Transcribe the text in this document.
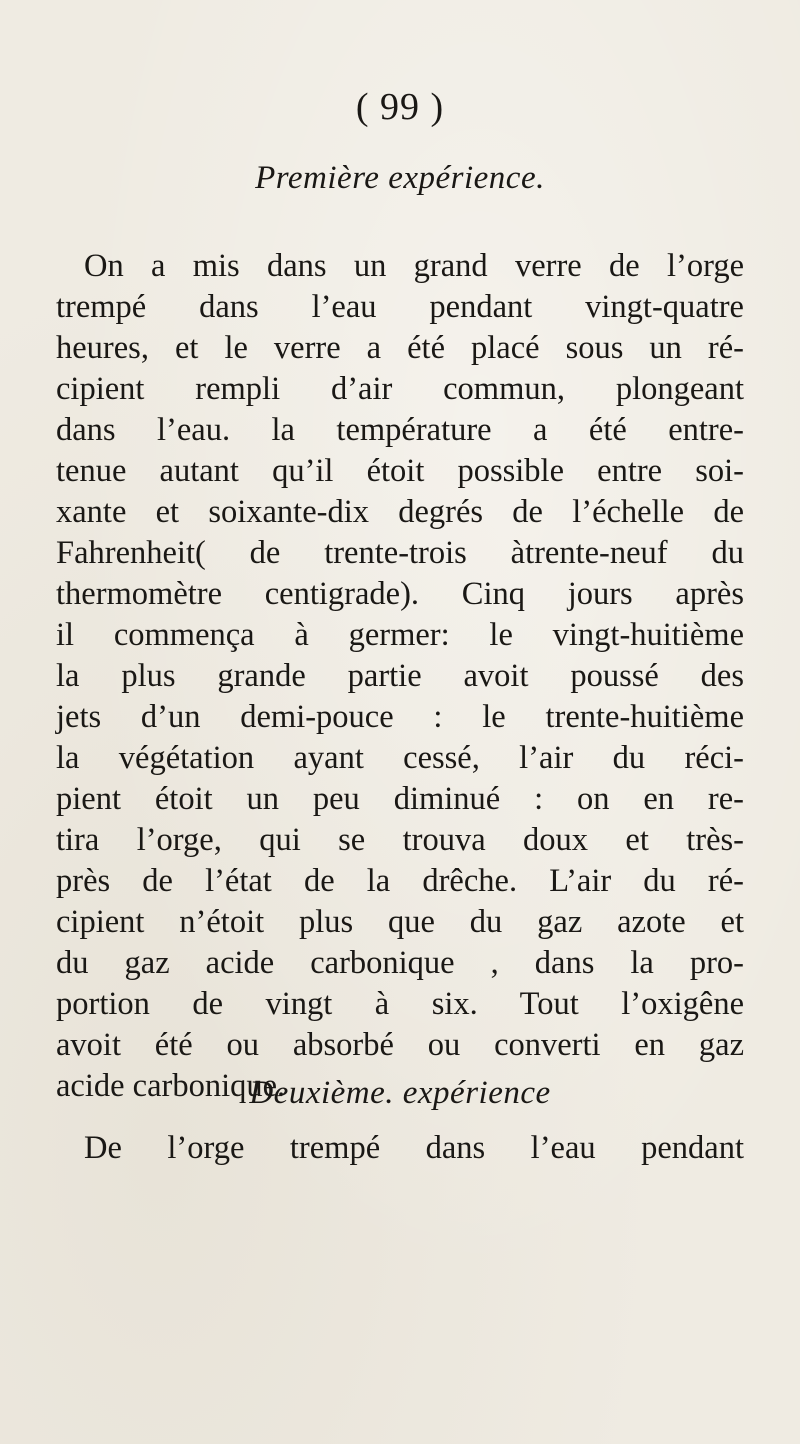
( 99 )
Première expérience.
On a mis dans un grand verre de l’orge
trempé dans l’eau pendant vingt-quatre
heures, et le verre a été placé sous un ré-
cipient rempli d’air commun, plongeant
dans l’eau. la température a été entre-
tenue autant qu’il étoit possible entre soi-
xante et soixante-dix degrés de l’échelle de
Fahrenheit( de trente-trois àtrente-neuf du
thermomètre centigrade). Cinq jours après
il commença à germer: le vingt-huitième
la plus grande partie avoit poussé des
jets d’un demi-pouce : le trente-huitième
la végétation ayant cessé, l’air du réci-
pient étoit un peu diminué : on en re-
tira l’orge, qui se trouva doux et très-
près de l’état de la drêche. L’air du ré-
cipient n’étoit plus que du gaz azote et
du gaz acide carbonique , dans la pro-
portion de vingt à six. Tout l’oxigêne
avoit été ou absorbé ou converti en gaz
acide carbonique.
Deuxième. expérience
De l’orge trempé dans l’eau pendant
